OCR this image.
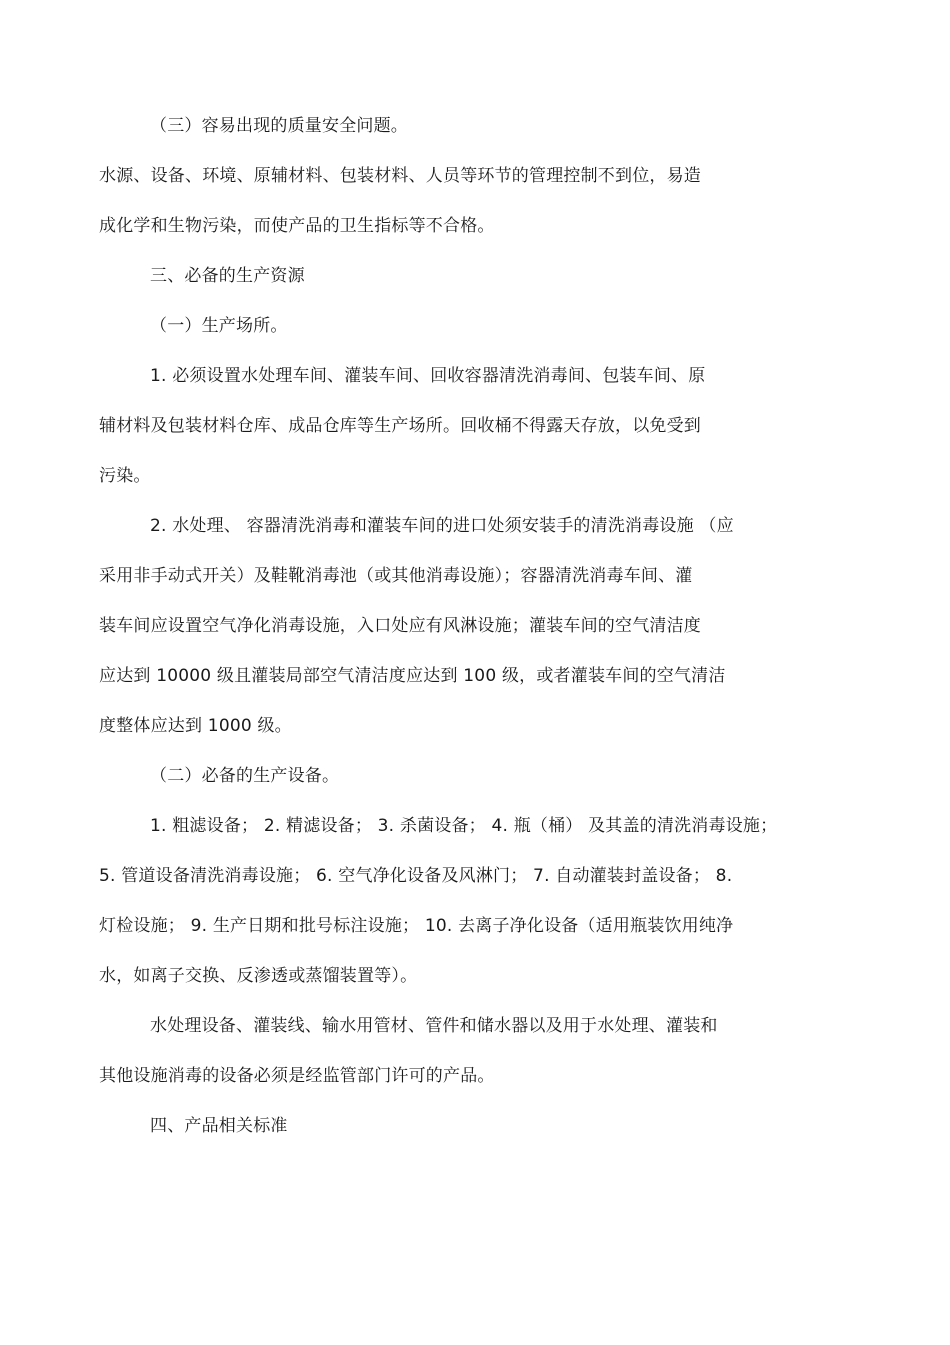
（三）容易出现的质量安全问题。
水源、设备、环境、原辅材料、包装材料、人员等环节的管理控制不到位，易造
成化学和生物污染，而使产品的卫生指标等不合格。
三、必备的生产资源
（一）生产场所。
1. 必须设置水处理车间、灌装车间、回收容器清洗消毒间、包装车间、原
辅材料及包装材料仓库、成品仓库等生产场所。回收桶不得露天存放，以免受到
污染。
2. 水处理、 容器清洗消毒和灌装车间的进口处须安装手的清洗消毒设施 （应
采用非手动式开关）及鞋靴消毒池（或其他消毒设施）；容器清洗消毒车间、灌
装车间应设置空气净化消毒设施，入口处应有风淋设施；灌装车间的空气清洁度
应达到 10000 级且灌装局部空气清洁度应达到 100 级，或者灌装车间的空气清洁
度整体应达到 1000 级。
（二）必备的生产设备。
1. 粗滤设备； 2. 精滤设备； 3. 杀菌设备； 4. 瓶（桶） 及其盖的清洗消毒设施；
5. 管道设备清洗消毒设施； 6. 空气净化设备及风淋门； 7. 自动灌装封盖设备； 8.
灯检设施； 9. 生产日期和批号标注设施； 10. 去离子净化设备（适用瓶装饮用纯净
水，如离子交换、反渗透或蒸馏装置等）。
水处理设备、灌装线、输水用管材、管件和储水器以及用于水处理、灌装和
其他设施消毒的设备必须是经监管部门许可的产品。
四、产品相关标准
